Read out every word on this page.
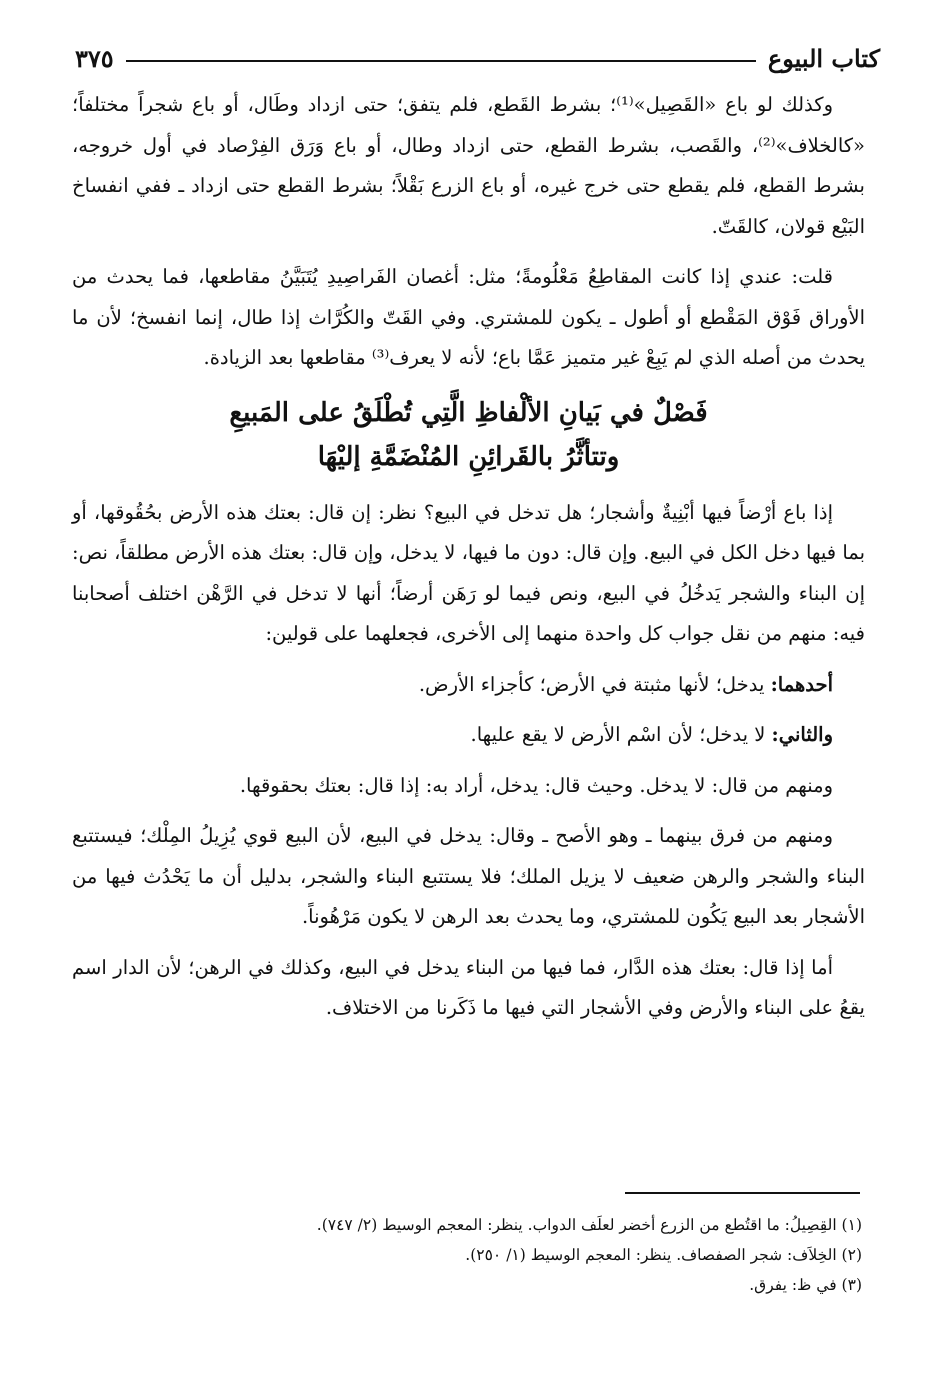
كتاب البيوع
٣٧٥

وكذلك لو باع «القَصِيل»⁽¹⁾؛ بشرط القَطع، فلم يتفق؛ حتى ازداد وطَال، أو باع شجراً مختلفاً؛ «كالخلاف»⁽²⁾، والقَصب، بشرط القطع، حتى ازداد وطال، أو باع وَرَق الفِرْصاد في أول خروجه، بشرط القطع، فلم يقطع حتى خرج غيره، أو باع الزرع بَقْلاً؛ بشرط القطع حتى ازداد ـ ففي انفساخ البَيْع قولان، كالقَتّ.

قلت: عندي إذا كانت المقاطِعُ مَعْلُومةً؛ مثل: أغصان الفَراصِيدِ يُتَبَيَّنُ مقاطعها، فما يحدث من الأوراق فَوْق المَقْطع أو أطول ـ يكون للمشتري. وفي القَتّ والكُرَّاث إذا طال، إنما انفسخ؛ لأن ما يحدث من أصله الذي لم يَبِعْ غير متميز عَمَّا باع؛ لأنه لا يعرف⁽³⁾ مقاطعها بعد الزيادة.

فَصْلٌ في بَيانِ الألْفاظِ الَّتِي تُطْلَقُ على المَبيعِ
وتتأثَّرُ بالقَرائِنِ المُنْضَمَّةِ إليْهَا

إذا باع أرْضاً فيها أبْنِيةٌ وأشجار؛ هل تدخل في البيع؟ نظر: إن قال: بعتك هذه الأرض بحُقُوقها، أو بما فيها دخل الكل في البيع. وإن قال: دون ما فيها، لا يدخل، وإن قال: بعتك هذه الأرض مطلقاً، نص: إن البناء والشجر يَدخُلُ في البيع، ونص فيما لو رَهَن أرضاً؛ أنها لا تدخل في الرَّهْن اختلف أصحابنا فيه: منهم من نقل جواب كل واحدة منهما إلى الأخرى، فجعلهما على قولين:

أحدهما: يدخل؛ لأنها مثبتة في الأرض؛ كأجزاء الأرض.

والثاني: لا يدخل؛ لأن اسْم الأرض لا يقع عليها.

ومنهم من قال: لا يدخل. وحيث قال: يدخل، أراد به: إذا قال: بعتك بحقوقها.

ومنهم من فرق بينهما ـ وهو الأصح ـ وقال: يدخل في البيع، لأن البيع قوي يُزِيلُ المِلْك؛ فيستتبع البناء والشجر والرهن ضعيف لا يزيل الملك؛ فلا يستتبع البناء والشجر، بدليل أن ما يَحْدُث فيها من الأشجار بعد البيع يَكُون للمشتري، وما يحدث بعد الرهن لا يكون مَرْهُوناً.

أما إذا قال: بعتك هذه الدَّار، فما فيها من البناء يدخل في البيع، وكذلك في الرهن؛ لأن الدار اسم يقعُ على البناء والأرض وفي الأشجار التي فيها ما ذَكَرنا من الاختلاف.

(١) القِصِيلُ: ما اقتُطع من الزرع أخضر لعلَف الدواب. ينظر: المعجم الوسيط (٢/ ٧٤٧).
(٢) الخِلاَف: شجر الصفصاف. ينظر: المعجم الوسيط (١/ ٢٥٠).
(٣) في ظ: يفرق.
